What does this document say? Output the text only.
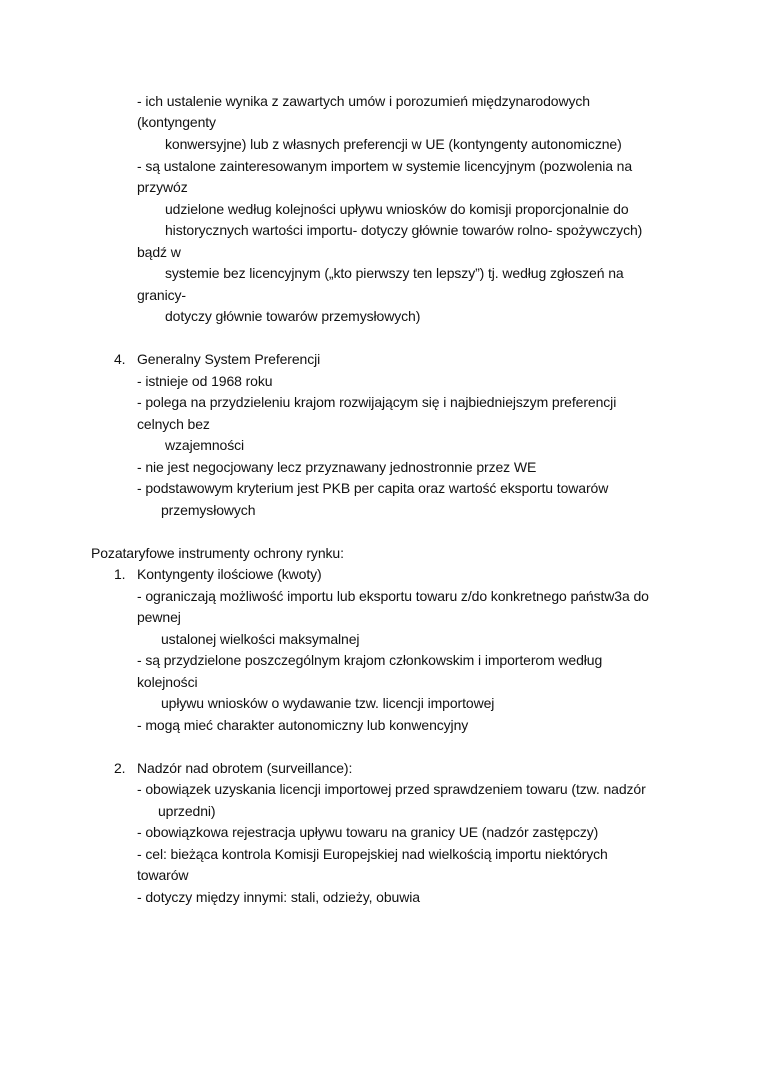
- ich ustalenie wynika z zawartych umów i porozumień międzynarodowych
(kontyngenty
konwersyjne) lub z własnych preferencji w UE (kontyngenty autonomiczne)
- są ustalone zainteresowanym importem w systemie licencyjnym (pozwolenia na
przywóz
udzielone według kolejności upływu wniosków do komisji proporcjonalnie do
historycznych wartości importu- dotyczy głównie towarów rolno- spożywczych)
bądź w
systemie bez licencyjnym („kto pierwszy ten lepszy”) tj. według zgłoszeń na
granicy-
dotyczy głównie towarów przemysłowych)
4. Generalny System Preferencji
- istnieje od 1968 roku
- polega na przydzieleniu krajom rozwijającym się i najbiedniejszym preferencji
celnych bez
wzajemności
- nie jest negocjowany lecz przyznawany jednostronnie przez WE
- podstawowym kryterium jest PKB per capita oraz wartość eksportu towarów
przemysłowych
Pozataryfowe instrumenty ochrony rynku:
1. Kontyngenty ilościowe (kwoty)
- ograniczają możliwość importu lub eksportu towaru z/do konkretnego państw3a do
pewnej
ustalonej wielkości maksymalnej
- są przydzielone poszczególnym krajom członkowskim i importerom według
kolejności
upływu wniosków o wydawanie tzw. licencji importowej
- mogą mieć charakter autonomiczny lub konwencyjny
2. Nadzór nad obrotem (surveillance):
- obowiązek uzyskania licencji importowej przed sprawdzeniem towaru (tzw. nadzór
uprzedni)
- obowiązkowa rejestracja upływu towaru na granicy UE (nadzór zastępczy)
- cel: bieżąca kontrola Komisji Europejskiej nad wielkością importu niektórych
towarów
- dotyczy między innymi: stali, odzieży, obuwia
